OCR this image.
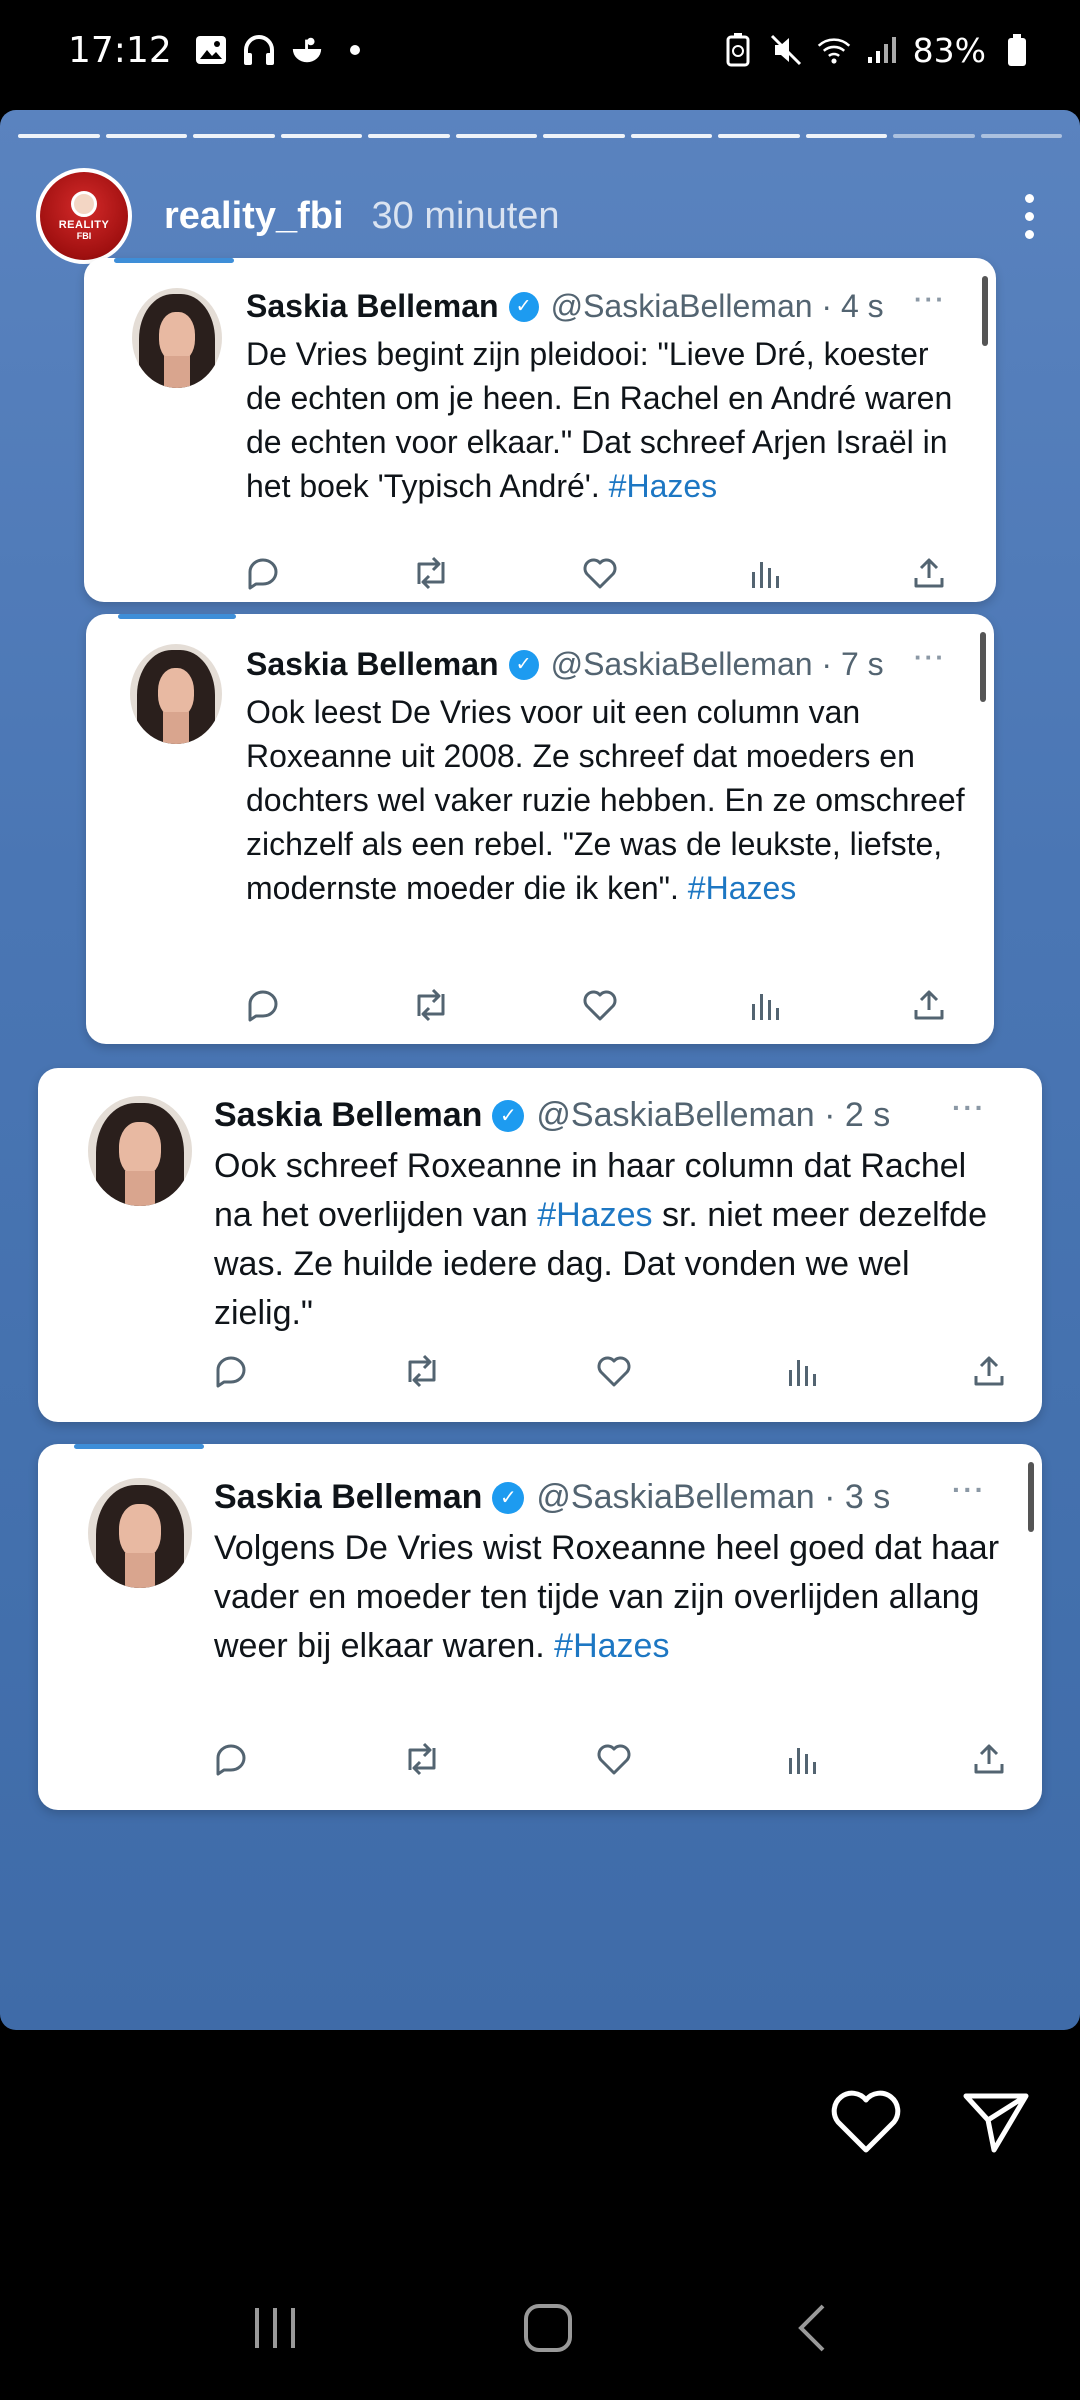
17:12	83%
REALITY
FBI reality_fbi 30 minuten
Saskia Belleman ✓ @SaskiaBelleman · 4 s ···

De Vries begint zijn pleidooi: "Lieve Dré, koester de echten om je heen. En Rachel en André waren de echten voor elkaar." Dat schreef Arjen Israël in het boek 'Typisch André'. #Hazes

Saskia Belleman ✓ @SaskiaBelleman · 7 s ···

Ook leest De Vries voor uit een column van Roxeanne uit 2008. Ze schreef dat moeders en dochters wel vaker ruzie hebben. En ze omschreef zichzelf als een rebel. "Ze was de leukste, liefste, modernste moeder die ik ken". #Hazes

Saskia Belleman ✓ @SaskiaBelleman · 2 s ···

Ook schreef Roxeanne in haar column dat Rachel na het overlijden van #Hazes sr. niet meer dezelfde was. Ze huilde iedere dag. Dat vonden we wel zielig."

Saskia Belleman ✓ @SaskiaBelleman · 3 s ···

Volgens De Vries wist Roxeanne heel goed dat haar vader en moeder ten tijde van zijn overlijden allang weer bij elkaar waren. #Hazes
